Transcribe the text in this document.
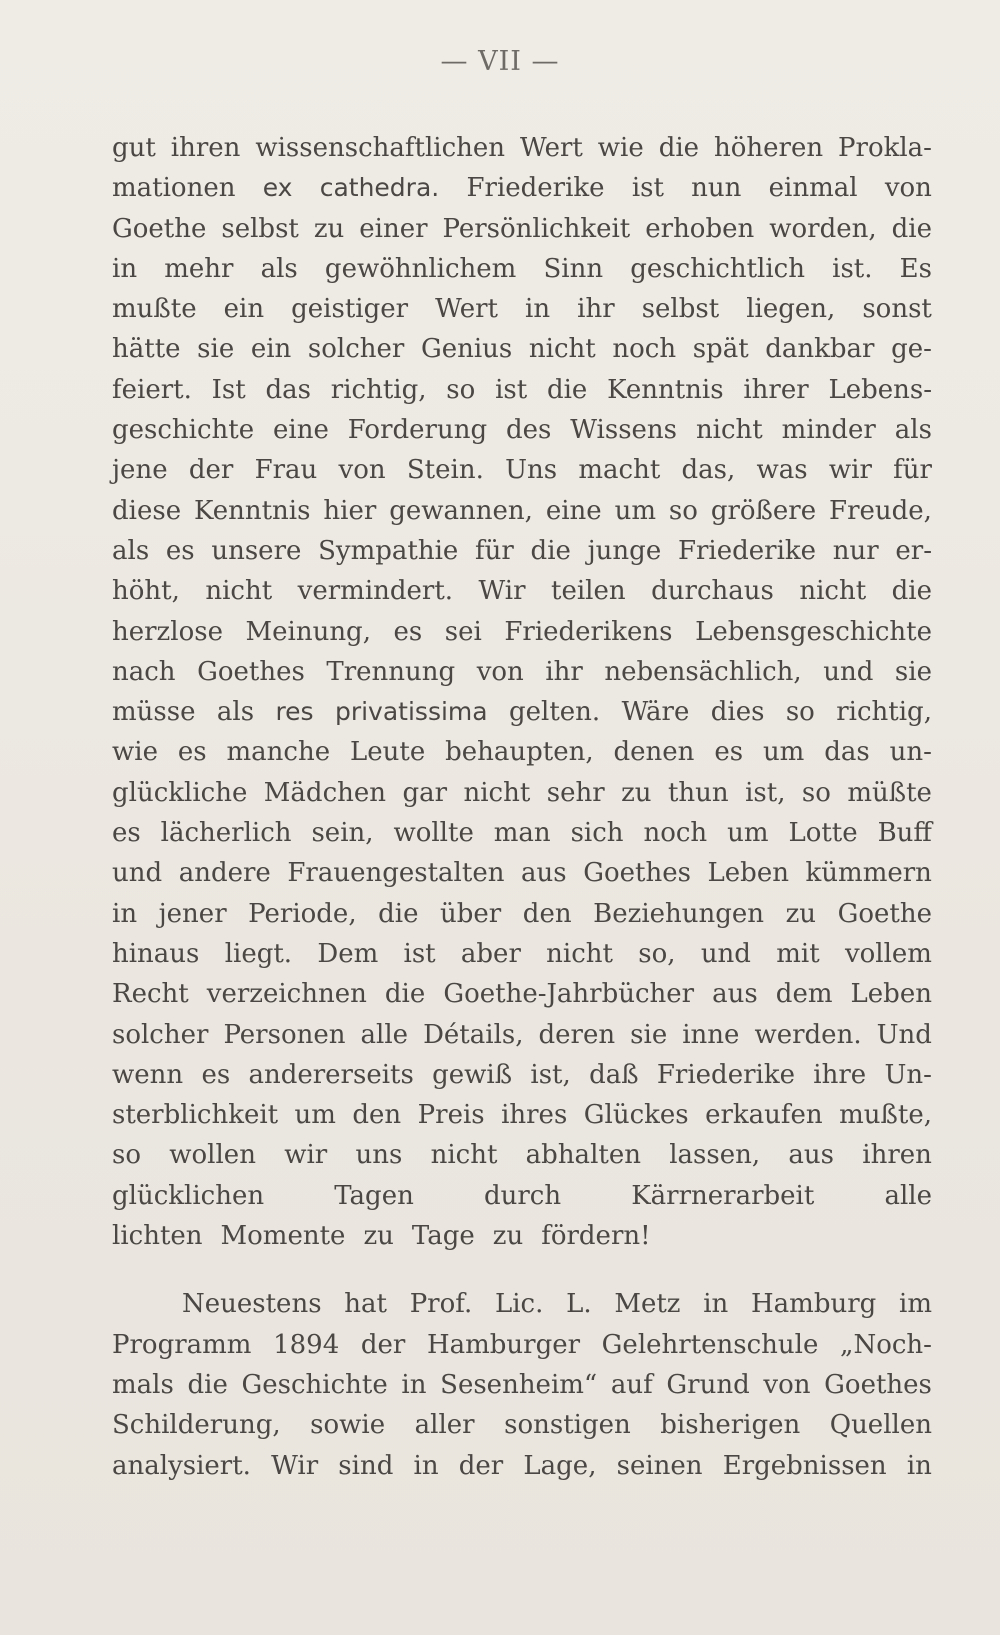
— VII —
gut ihren wissenschaftlichen Wert wie die höheren Prokla-
mationen ex cathedra. Friederike ist nun einmal von
Goethe selbst zu einer Persönlichkeit erhoben worden, die
in mehr als gewöhnlichem Sinn geschichtlich ist. Es
mußte ein geistiger Wert in ihr selbst liegen, sonst
hätte sie ein solcher Genius nicht noch spät dankbar ge-
feiert. Ist das richtig, so ist die Kenntnis ihrer Lebens-
geschichte eine Forderung des Wissens nicht minder als
jene der Frau von Stein. Uns macht das, was wir für
diese Kenntnis hier gewannen, eine um so größere Freude,
als es unsere Sympathie für die junge Friederike nur er-
höht, nicht vermindert. Wir teilen durchaus nicht die
herzlose Meinung, es sei Friederikens Lebensgeschichte
nach Goethes Trennung von ihr nebensächlich, und sie
müsse als res privatissima gelten. Wäre dies so richtig,
wie es manche Leute behaupten, denen es um das un-
glückliche Mädchen gar nicht sehr zu thun ist, so müßte
es lächerlich sein, wollte man sich noch um Lotte Buff
und andere Frauengestalten aus Goethes Leben kümmern
in jener Periode, die über den Beziehungen zu Goethe
hinaus liegt. Dem ist aber nicht so, und mit vollem
Recht verzeichnen die Goethe-Jahrbücher aus dem Leben
solcher Personen alle Détails, deren sie inne werden. Und
wenn es andererseits gewiß ist, daß Friederike ihre Un-
sterblichkeit um den Preis ihres Glückes erkaufen mußte,
so wollen wir uns nicht abhalten lassen, aus ihren
glücklichen	Tagen	durch	Kärrnerarbeit	alle
lichten Momente zu Tage zu fördern!
Neuestens hat Prof. Lic. L. Metz in Hamburg im
Programm 1894 der Hamburger Gelehrtenschule „Noch-
mals die Geschichte in Sesenheim“ auf Grund von Goethes
Schilderung, sowie aller sonstigen bisherigen Quellen
analysiert. Wir sind in der Lage, seinen Ergebnissen in
